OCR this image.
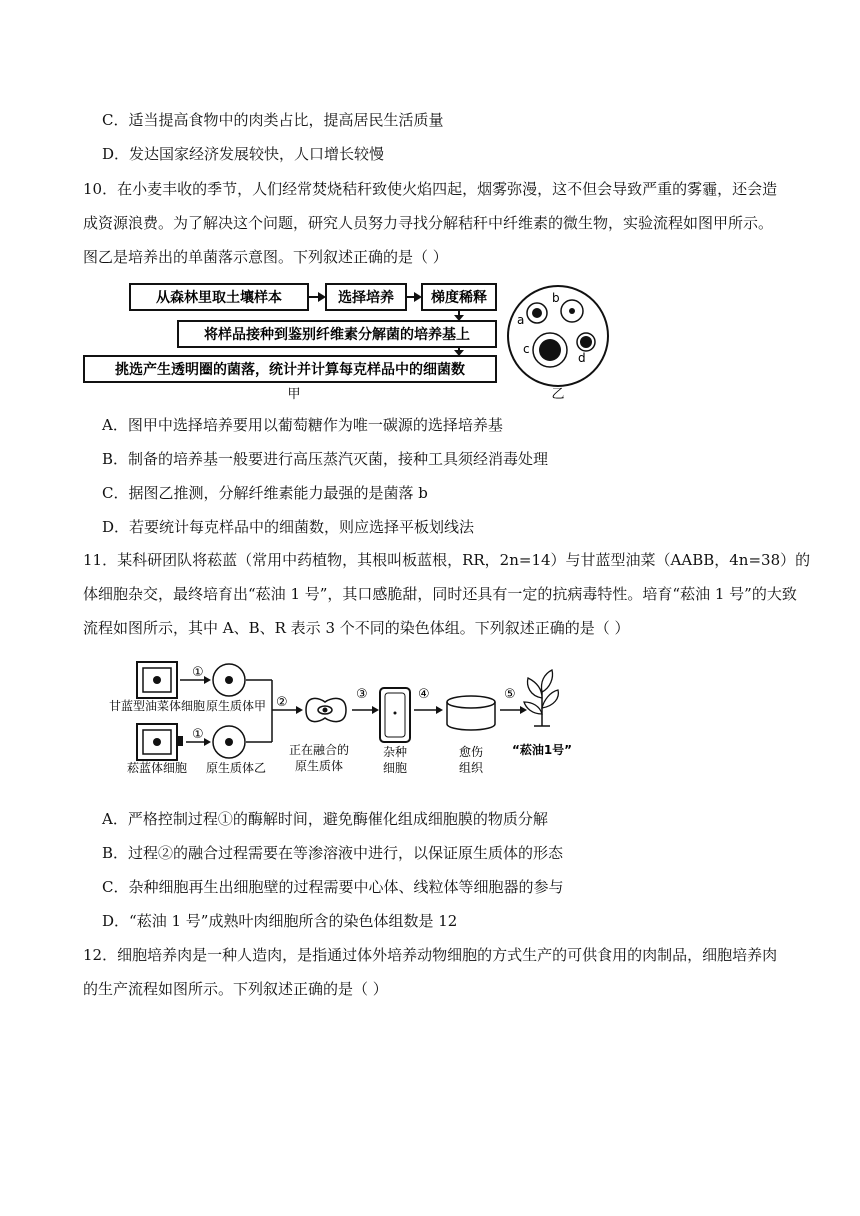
C．适当提高食物中的肉类占比，提高居民生活质量
D．发达国家经济发展较快，人口增长较慢
10．在小麦丰收的季节，人们经常焚烧秸秆致使火焰四起，烟雾弥漫，这不但会导致严重的雾霾，还会造
成资源浪费。为了解决这个问题，研究人员努力寻找分解秸秆中纤维素的微生物，实验流程如图甲所示。
图乙是培养出的单菌落示意图。下列叙述正确的是（ ）
从森林里取土壤样本	选择培养	梯度稀释
将样品接种到鉴别纤维素分解菌的培养基上
挑选产生透明圈的菌落，统计并计算每克样品中的细菌数
甲
a
b
c
d
乙
A．图甲中选择培养要用以葡萄糖作为唯一碳源的选择培养基
B．制备的培养基一般要进行高压蒸汽灭菌，接种工具须经消毒处理
C．据图乙推测，分解纤维素能力最强的是菌落 b
D．若要统计每克样品中的细菌数，则应选择平板划线法
11．某科研团队将菘蓝（常用中药植物，其根叫板蓝根，RR，2n=14）与甘蓝型油菜（AABB，4n=38）的
体细胞杂交，最终培育出“菘油 1 号”，其口感脆甜，同时还具有一定的抗病毒特性。培育“菘油 1 号”的大致
流程如图所示，其中 A、B、R 表示 3 个不同的染色体组。下列叙述正确的是（ ）
甘蓝型油菜体细胞
菘蓝体细胞
①
①
原生质体甲
原生质体乙
②
正在融合的
原生质体
③
杂种
细胞
④
愈伤
组织
⑤
“菘油1号”
A．严格控制过程①的酶解时间，避免酶催化组成细胞膜的物质分解
B．过程②的融合过程需要在等渗溶液中进行，以保证原生质体的形态
C．杂种细胞再生出细胞壁的过程需要中心体、线粒体等细胞器的参与
D．“菘油 1 号”成熟叶肉细胞所含的染色体组数是 12
12．细胞培养肉是一种人造肉，是指通过体外培养动物细胞的方式生产的可供食用的肉制品，细胞培养肉
的生产流程如图所示。下列叙述正确的是（ ）
